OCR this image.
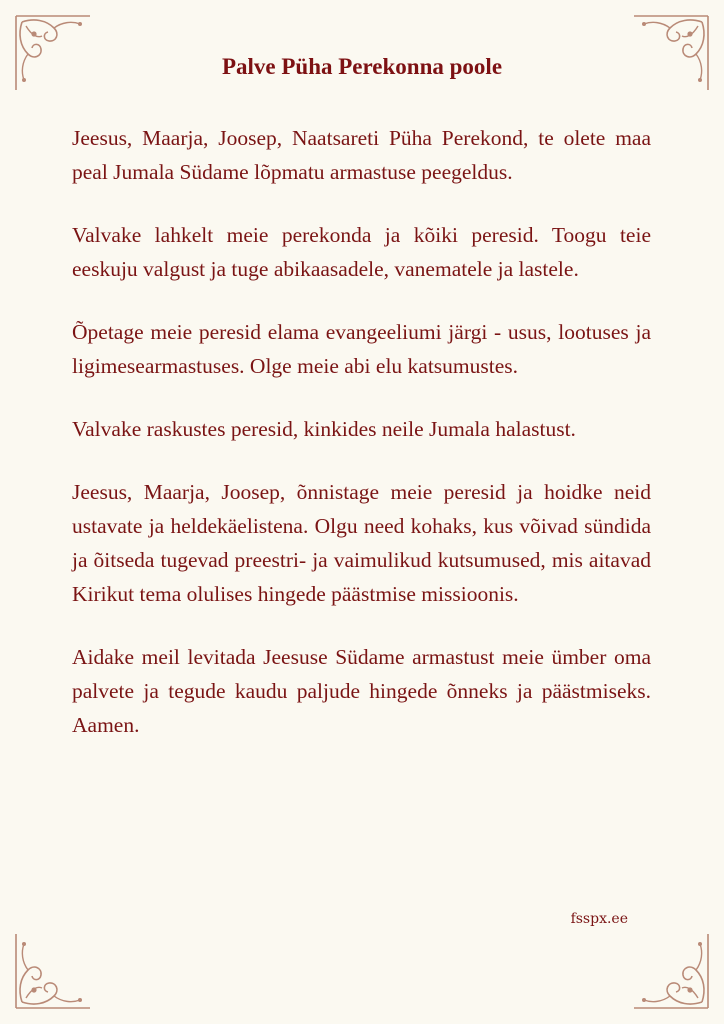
Palve Püha Perekonna poole

Jeesus, Maarja, Joosep, Naatsareti Püha Perekond, te olete maa peal Jumala Südame lõpmatu armastuse peegeldus.

Valvake lahkelt meie perekonda ja kõiki peresid. Toogu teie eeskuju valgust ja tuge abikaasadele, vanematele ja lastele.

Õpetage meie peresid elama evangeeliumi järgi - usus, lootuses ja ligimesearmastuses. Olge meie abi elu katsumustes.

Valvake raskustes peresid, kinkides neile Jumala halastust.

Jeesus, Maarja, Joosep, õnnistage meie peresid ja hoidke neid ustavate ja heldekäelistena. Olgu need kohaks, kus võivad sündida ja õitseda tugevad preestri- ja vaimulikud kutsumused, mis aitavad Kirikut tema olulises hingede päästmise missioonis.

Aidake meil levitada Jeesuse Südame armastust meie ümber oma palvete ja tegude kaudu paljude hingede õnneks ja päästmiseks. Aamen.

fsspx.ee
